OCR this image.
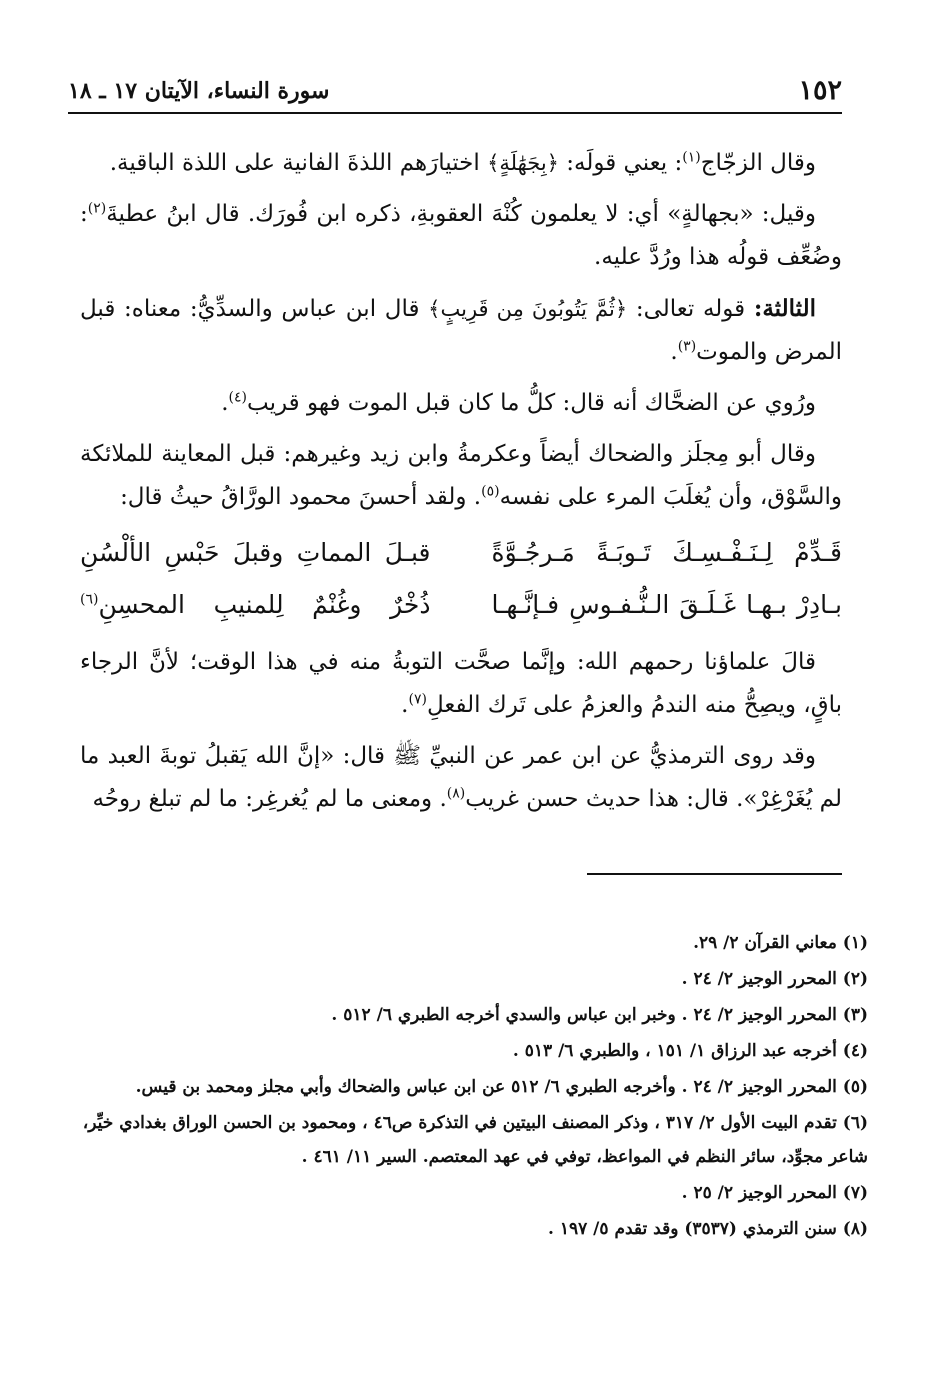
١٥٢
سورة النساء، الآيتان ١٧ ـ ١٨

وقال الزجّاج$^{(١)}$: يعني قولَه: ﴿بِجَهَٰلَةٍ﴾ اختيارَهم اللذةَ الفانية على اللذة الباقية.

وقيل: «بجهالةٍ» أي: لا يعلمون كُنْهَ العقوبةِ، ذكره ابن فُورَك. قال ابنُ عطيةَ$^{(٢)}$: وضُعِّف قولُه هذا ورُدَّ عليه.

الثالثة: قوله تعالى: ﴿ثُمَّ يَتُوبُونَ مِن قَرِيبٍ﴾ قال ابن عباس والسدِّيُّ: معناه: قبل المرض والموت$^{(٣)}$.

ورُوي عن الضحَّاك أنه قال: كلُّ ما كان قبل الموت فهو قريب$^{(٤)}$.

وقال أبو مِجلَز والضحاك أيضاً وعكرمةُ وابن زيد وغيرهم: قبل المعاينة للملائكة والسَّوْق، وأن يُغلَبَ المرء على نفسه$^{(٥)}$. ولقد أحسنَ محمود الورَّاقُ حيثُ قال:

قَـدِّمْ لِـنَـفْـسِـكَ تَـوبَـةً مَـرجُـوَّةً
قبـلَ المماتِ وقبلَ حَبْسِ الألْسُنِ
بـادِرْ بـهـا غَـلَـقَ الـنُّـفـوسِ فـإنَّـهـا
ذُخْرٌ وغُنْمٌ لِلمنيبِ المحسِنِ$^{(٦)}$

قالَ علماؤنا رحمهم الله: وإنَّما صحَّت التوبةُ منه في هذا الوقت؛ لأنَّ الرجاء باقٍ، ويصِحُّ منه الندمُ والعزمُ على تَرك الفعلِ$^{(٧)}$.

وقد روى الترمذيُّ عن ابن عمر عن النبيِّ ﷺ قال: «إنَّ الله يَقبلُ توبةَ العبد ما لم يُغَرْغِرْ». قال: هذا حديث حسن غريب$^{(٨)}$. ومعنى ما لم يُغرغِر: ما لم تبلغ روحُه

(١) معاني القرآن ٢/ ٢٩.

(٢) المحرر الوجيز ٢/ ٢٤ .

(٣) المحرر الوجيز ٢/ ٢٤ . وخبر ابن عباس والسدي أخرجه الطبري ٦/ ٥١٢ .

(٤) أخرجه عبد الرزاق ١/ ١٥١ ، والطبري ٦/ ٥١٣ .

(٥) المحرر الوجيز ٢/ ٢٤ . وأخرجه الطبري ٦/ ٥١٢ عن ابن عباس والضحاك وأبي مجلز ومحمد بن قيس.

(٦) تقدم البيت الأول ٢/ ٣١٧ ، وذكر المصنف البيتين في التذكرة ص٤٦ ، ومحمود بن الحسن الوراق بغدادي خيِّر، شاعر مجوِّد، سائر النظم في المواعظ، توفي في عهد المعتصم. السير ١١/ ٤٦١ .

(٧) المحرر الوجيز ٢/ ٢٥ .

(٨) سنن الترمذي (٣٥٣٧) وقد تقدم ٥/ ١٩٧ .
